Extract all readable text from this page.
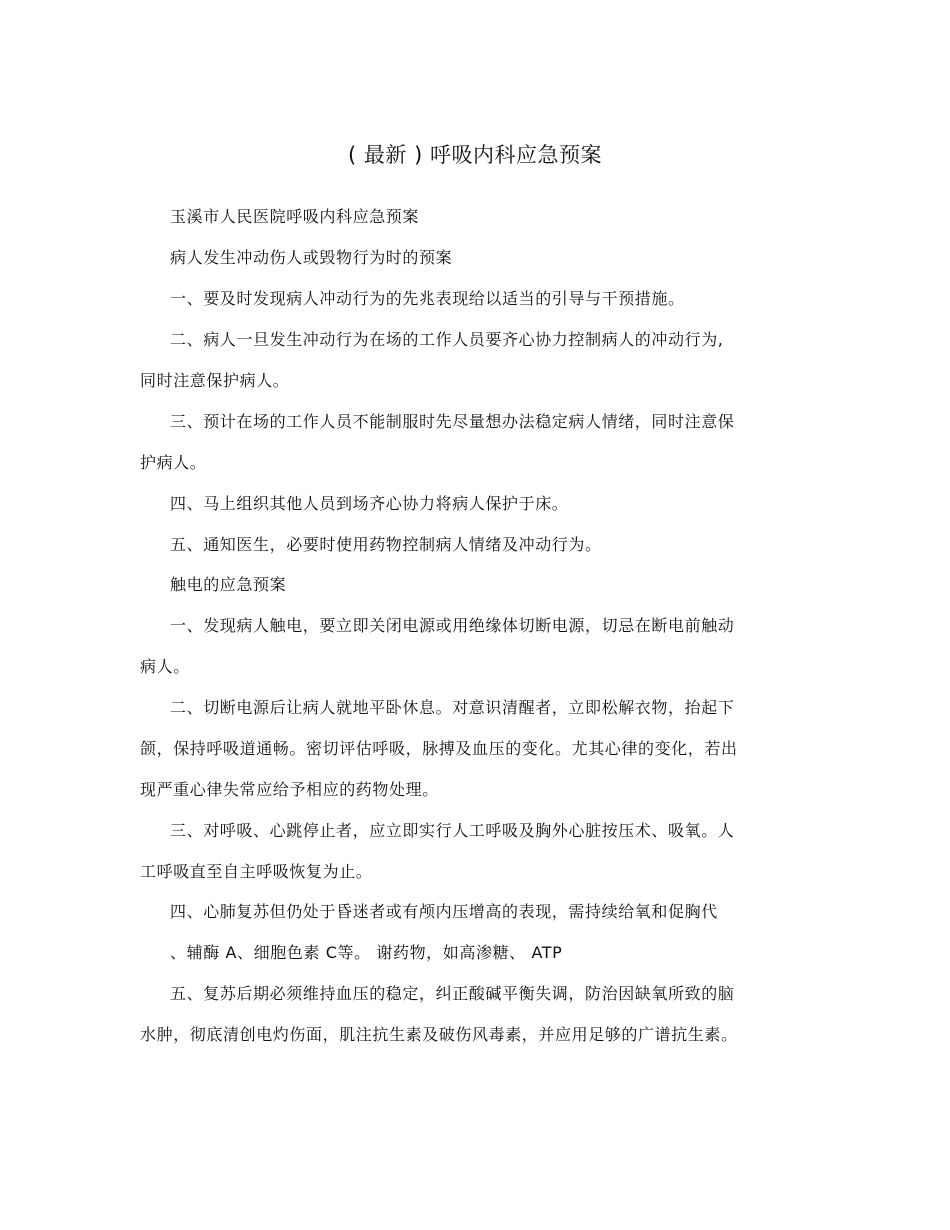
( 最新 ) 呼吸内科应急预案
玉溪市人民医院呼吸内科应急预案
病人发生冲动伤人或毁物行为时的预案
一、要及时发现病人冲动行为的先兆表现给以适当的引导与干预措施。
二、病人一旦发生冲动行为在场的工作人员要齐心协力控制病人的冲动行为,
同时注意保护病人。
三、预计在场的工作人员不能制服时先尽量想办法稳定病人情绪，同时注意保
护病人。
四、马上组织其他人员到场齐心协力将病人保护于床。
五、通知医生，必要时使用药物控制病人情绪及冲动行为。
触电的应急预案
一、发现病人触电，要立即关闭电源或用绝缘体切断电源，切忌在断电前触动
病人。
二、切断电源后让病人就地平卧休息。对意识清醒者，立即松解衣物，抬起下
颌，保持呼吸道通畅。密切评估呼吸，脉搏及血压的变化。尤其心律的变化，若出
现严重心律失常应给予相应的药物处理。
三、对呼吸、心跳停止者，应立即实行人工呼吸及胸外心脏按压术、吸氧。人
工呼吸直至自主呼吸恢复为止。
四、心肺复苏但仍处于昏迷者或有颅内压增高的表现，需持续给氧和促胸代
、辅酶 A、细胞色素 C等。 谢药物，如高渗糖、 ATP
五、复苏后期必须维持血压的稳定，纠正酸碱平衡失调，防治因缺氧所致的脑
水肿，彻底清创电灼伤面，肌注抗生素及破伤风毒素，并应用足够的广谱抗生素。
